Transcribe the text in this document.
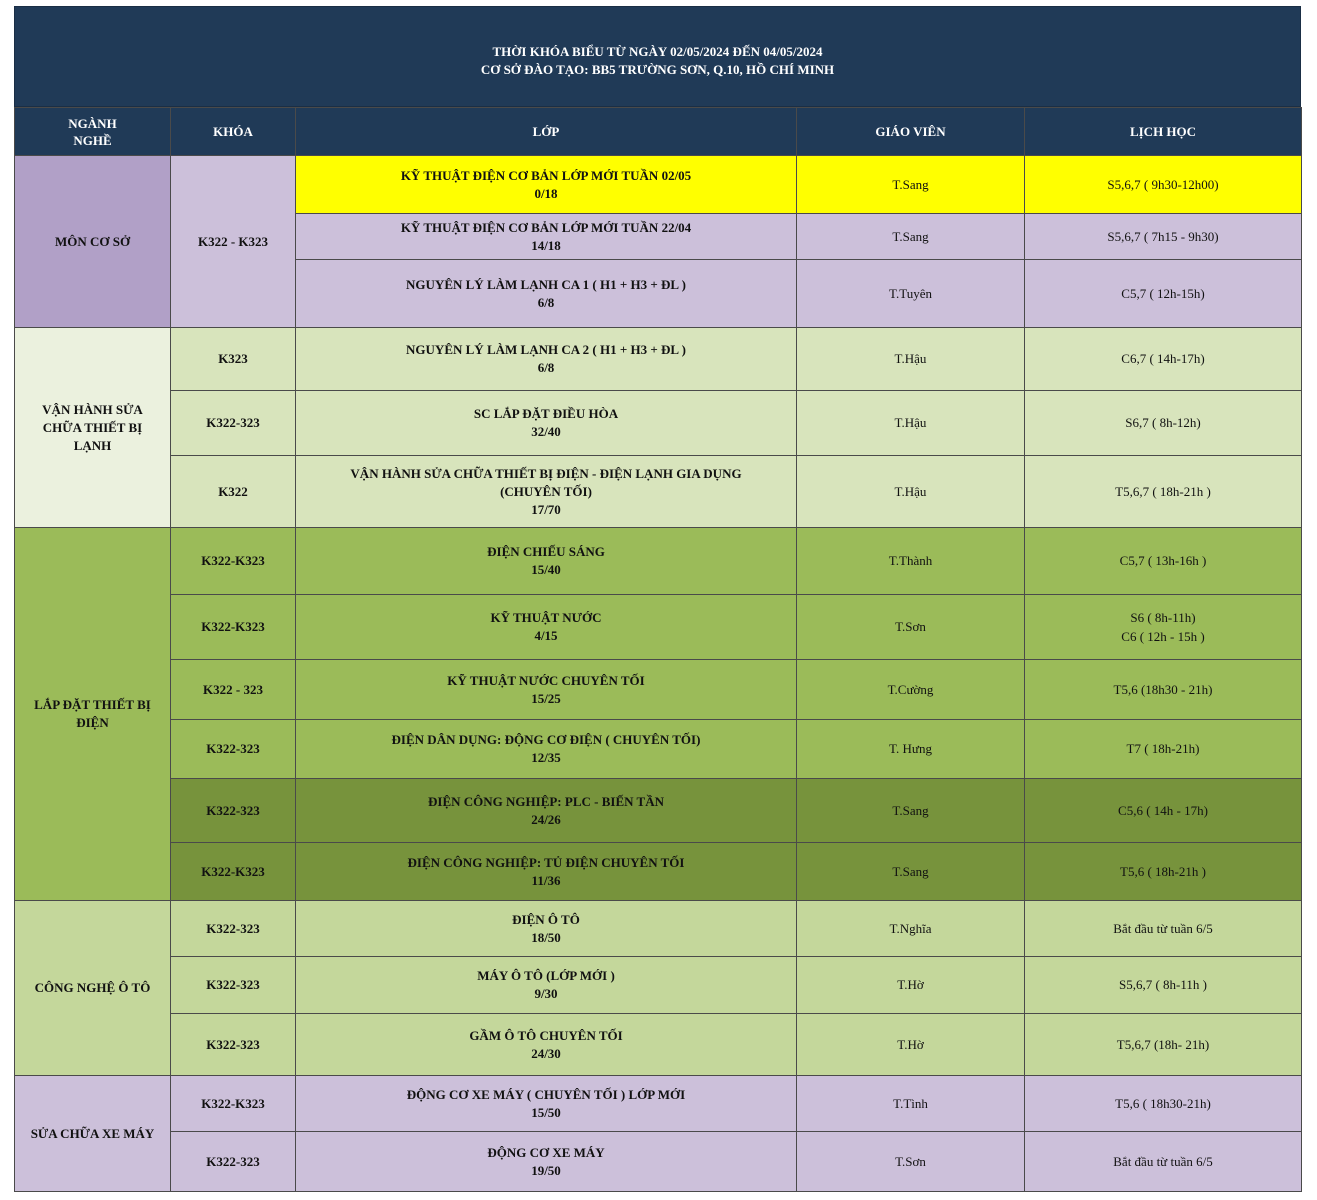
THỜI KHÓA BIỂU TỪ NGÀY 02/05/2024 ĐẾN 04/05/2024
CƠ SỞ ĐÀO TẠO: BB5 TRƯỜNG SƠN, Q.10, HỒ CHÍ MINH
NGÀNH
NGHỀ	KHÓA	LỚP	GIÁO VIÊN	LỊCH HỌC
MÔN CƠ SỞ	K322 - K323	KỸ THUẬT ĐIỆN CƠ BẢN LỚP MỚI TUẦN 02/05
0/18	T.Sang	S5,6,7 ( 9h30-12h00)

		KỸ THUẬT ĐIỆN CƠ BẢN LỚP MỚI TUẦN 22/04
14/18	T.Sang	S5,6,7 ( 7h15 - 9h30)

		NGUYÊN LÝ LÀM LẠNH CA 1 ( H1 + H3 + ĐL )
6/8	T.Tuyên	C5,7 ( 12h-15h)
VẬN HÀNH SỬA CHỮA THIẾT BỊ LẠNH	K323	NGUYÊN LÝ LÀM LẠNH CA 2 ( H1 + H3 + ĐL )
6/8	T.Hậu	C6,7 ( 14h-17h)
	K322-323	SC LẮP ĐẶT ĐIỀU HÒA
32/40	T.Hậu	S6,7 ( 8h-12h)
	K322	VẬN HÀNH SỬA CHỮA THIẾT BỊ ĐIỆN - ĐIỆN LẠNH GIA DỤNG
(CHUYÊN TỐI)
17/70	T.Hậu	T5,6,7 ( 18h-21h )
LẮP ĐẶT THIẾT BỊ ĐIỆN	K322-K323	ĐIỆN CHIẾU SÁNG
15/40	T.Thành	C5,7 ( 13h-16h )
	K322-K323	KỸ THUẬT NƯỚC
4/15	T.Sơn	S6 ( 8h-11h)
C6 ( 12h - 15h )

	K322 - 323	KỸ THUẬT NƯỚC CHUYÊN TỐI
15/25	T.Cường	T5,6 (18h30 - 21h)
	K322-323	ĐIỆN DÂN DỤNG: ĐỘNG CƠ ĐIỆN ( CHUYÊN TỐI)
12/35	T. Hưng	T7 ( 18h-21h)
	K322-323	ĐIỆN CÔNG NGHIỆP: PLC - BIẾN TẦN
24/26	T.Sang	C5,6 ( 14h - 17h)
	K322-K323	ĐIỆN CÔNG NGHIỆP: TỦ ĐIỆN CHUYÊN TỐI
11/36	T.Sang	T5,6 ( 18h-21h )
CÔNG NGHỆ Ô TÔ	K322-323	ĐIỆN Ô TÔ
18/50	T.Nghĩa	Bắt đầu từ tuần 6/5
	K322-323	MÁY Ô TÔ (LỚP MỚI )
9/30	T.Hờ	S5,6,7 ( 8h-11h )
	K322-323	GẦM Ô TÔ CHUYÊN TỐI
24/30	T.Hờ	T5,6,7 (18h- 21h)
SỬA CHỮA XE MÁY	K322-K323	ĐỘNG CƠ XE MÁY ( CHUYÊN TỐI ) LỚP MỚI
15/50	T.Tình	T5,6 ( 18h30-21h)
	K322-323	ĐỘNG CƠ XE MÁY
19/50	T.Sơn	Bắt đầu từ tuần 6/5
